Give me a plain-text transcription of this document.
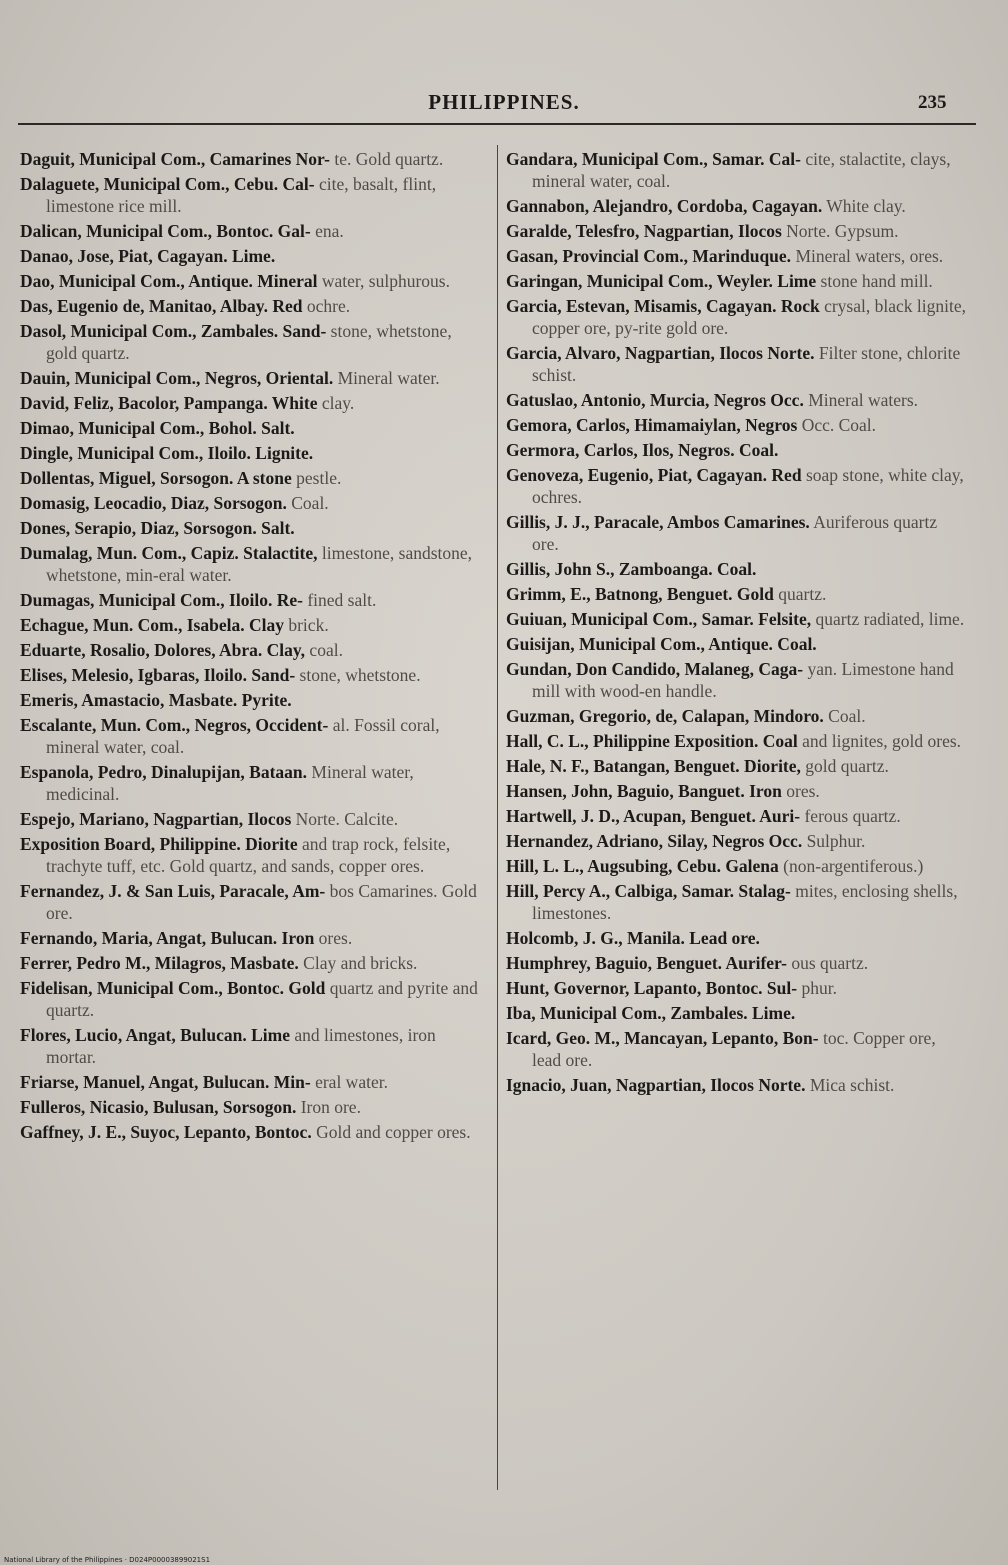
PHILIPPINES.	235
Daguit, Municipal Com., Camarines Nor- te. Gold quartz.
Dalaguete, Municipal Com., Cebu. Cal- cite, basalt, flint, limestone rice mill.
Dalican, Municipal Com., Bontoc. Gal- ena.
Danao, Jose, Piat, Cagayan. Lime.
Dao, Municipal Com., Antique. Mineral water, sulphurous.
Das, Eugenio de, Manitao, Albay. Red ochre.
Dasol, Municipal Com., Zambales. Sand- stone, whetstone, gold quartz.
Dauin, Municipal Com., Negros, Oriental. Mineral water.
David, Feliz, Bacolor, Pampanga. White clay.
Dimao, Municipal Com., Bohol. Salt.
Dingle, Municipal Com., Iloilo. Lignite.
Dollentas, Miguel, Sorsogon. A stone pestle.
Domasig, Leocadio, Diaz, Sorsogon. Coal.
Dones, Serapio, Diaz, Sorsogon. Salt.
Dumalag, Mun. Com., Capiz. Stalactite, limestone, sandstone, whetstone, min-eral water.
Dumagas, Municipal Com., Iloilo. Re- fined salt.
Echague, Mun. Com., Isabela. Clay brick.
Eduarte, Rosalio, Dolores, Abra. Clay, coal.
Elises, Melesio, Igbaras, Iloilo. Sand- stone, whetstone.
Emeris, Amastacio, Masbate. Pyrite.
Escalante, Mun. Com., Negros, Occident- al. Fossil coral, mineral water, coal.
Espanola, Pedro, Dinalupijan, Bataan. Mineral water, medicinal.
Espejo, Mariano, Nagpartian, Ilocos Norte. Calcite.
Exposition Board, Philippine. Diorite and trap rock, felsite, trachyte tuff, etc. Gold quartz, and sands, copper ores.
Fernandez, J. & San Luis, Paracale, Am- bos Camarines. Gold ore.
Fernando, Maria, Angat, Bulucan. Iron ores.
Ferrer, Pedro M., Milagros, Masbate. Clay and bricks.
Fidelisan, Municipal Com., Bontoc. Gold quartz and pyrite and quartz.
Flores, Lucio, Angat, Bulucan. Lime and limestones, iron mortar.
Friarse, Manuel, Angat, Bulucan. Min- eral water.
Fulleros, Nicasio, Bulusan, Sorsogon. Iron ore.
Gaffney, J. E., Suyoc, Lepanto, Bontoc. Gold and copper ores.
Gandara, Municipal Com., Samar. Cal- cite, stalactite, clays, mineral water, coal.
Gannabon, Alejandro, Cordoba, Cagayan. White clay.
Garalde, Telesfro, Nagpartian, Ilocos Norte. Gypsum.
Gasan, Provincial Com., Marinduque. Mineral waters, ores.
Garingan, Municipal Com., Weyler. Lime stone hand mill.
Garcia, Estevan, Misamis, Cagayan. Rock crysal, black lignite, copper ore, py-rite gold ore.
Garcia, Alvaro, Nagpartian, Ilocos Norte. Filter stone, chlorite schist.
Gatuslao, Antonio, Murcia, Negros Occ. Mineral waters.
Gemora, Carlos, Himamaiylan, Negros Occ. Coal.
Germora, Carlos, Ilos, Negros. Coal.
Genoveza, Eugenio, Piat, Cagayan. Red soap stone, white clay, ochres.
Gillis, J. J., Paracale, Ambos Camarines. Auriferous quartz ore.
Gillis, John S., Zamboanga. Coal.
Grimm, E., Batnong, Benguet. Gold quartz.
Guiuan, Municipal Com., Samar. Felsite, quartz radiated, lime.
Guisijan, Municipal Com., Antique. Coal.
Gundan, Don Candido, Malaneg, Caga- yan. Limestone hand mill with wood-en handle.
Guzman, Gregorio, de, Calapan, Mindoro. Coal.
Hall, C. L., Philippine Exposition. Coal and lignites, gold ores.
Hale, N. F., Batangan, Benguet. Diorite, gold quartz.
Hansen, John, Baguio, Banguet. Iron ores.
Hartwell, J. D., Acupan, Benguet. Auri- ferous quartz.
Hernandez, Adriano, Silay, Negros Occ. Sulphur.
Hill, L. L., Augsubing, Cebu. Galena (non-argentiferous.)
Hill, Percy A., Calbiga, Samar. Stalag- mites, enclosing shells, limestones.
Holcomb, J. G., Manila. Lead ore.
Humphrey, Baguio, Benguet. Aurifer- ous quartz.
Hunt, Governor, Lapanto, Bontoc. Sul- phur.
Iba, Municipal Com., Zambales. Lime.
Icard, Geo. M., Mancayan, Lepanto, Bon- toc. Copper ore, lead ore.
Ignacio, Juan, Nagpartian, Ilocos Norte. Mica schist.
National Library of the Philippines · D024P00003899021S1
